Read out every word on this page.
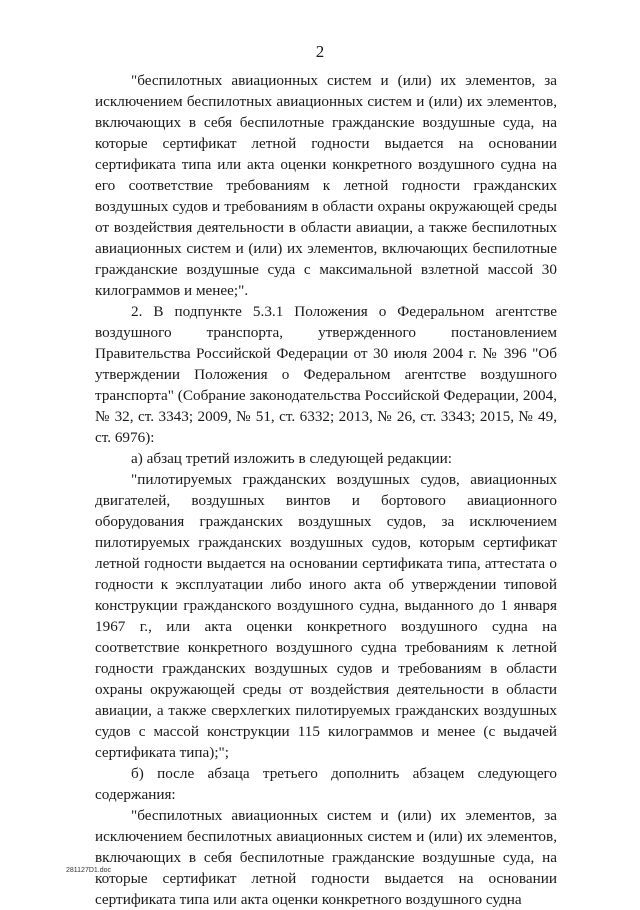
2

"беспилотных авиационных систем и (или) их элементов, за исключением беспилотных авиационных систем и (или) их элементов, включающих в себя беспилотные гражданские воздушные суда, на которые сертификат летной годности выдается на основании сертификата типа или акта оценки конкретного воздушного судна на его соответствие требованиям к летной годности гражданских воздушных судов и требованиям в области охраны окружающей среды от воздействия деятельности в области авиации, а также беспилотных авиационных систем и (или) их элементов, включающих беспилотные гражданские воздушные суда с максимальной взлетной массой 30 килограммов и менее;".

2. В подпункте 5.3.1 Положения о Федеральном агентстве воздушного транспорта, утвержденного постановлением Правительства Российской Федерации от 30 июля 2004 г. № 396 "Об утверждении Положения о Федеральном агентстве воздушного транспорта" (Собрание законодательства Российской Федерации, 2004, № 32, ст. 3343; 2009, № 51, ст. 6332; 2013, № 26, ст. 3343; 2015, № 49, ст. 6976):

а) абзац третий изложить в следующей редакции:

"пилотируемых гражданских воздушных судов, авиационных двигателей, воздушных винтов и бортового авиационного оборудования гражданских воздушных судов, за исключением пилотируемых гражданских воздушных судов, которым сертификат летной годности выдается на основании сертификата типа, аттестата о годности к эксплуатации либо иного акта об утверждении типовой конструкции гражданского воздушного судна, выданного до 1 января 1967 г., или акта оценки конкретного воздушного судна на соответствие конкретного воздушного судна требованиям к летной годности гражданских воздушных судов и требованиям в области охраны окружающей среды от воздействия деятельности в области авиации, а также сверхлегких пилотируемых гражданских воздушных судов с массой конструкции 115 килограммов и менее (с выдачей сертификата типа);";

б) после абзаца третьего дополнить абзацем следующего содержания:

"беспилотных авиационных систем и (или) их элементов, за исключением беспилотных авиационных систем и (или) их элементов, включающих в себя беспилотные гражданские воздушные суда, на которые сертификат летной годности выдается на основании сертификата типа или акта оценки конкретного воздушного судна

281127D1.doc
